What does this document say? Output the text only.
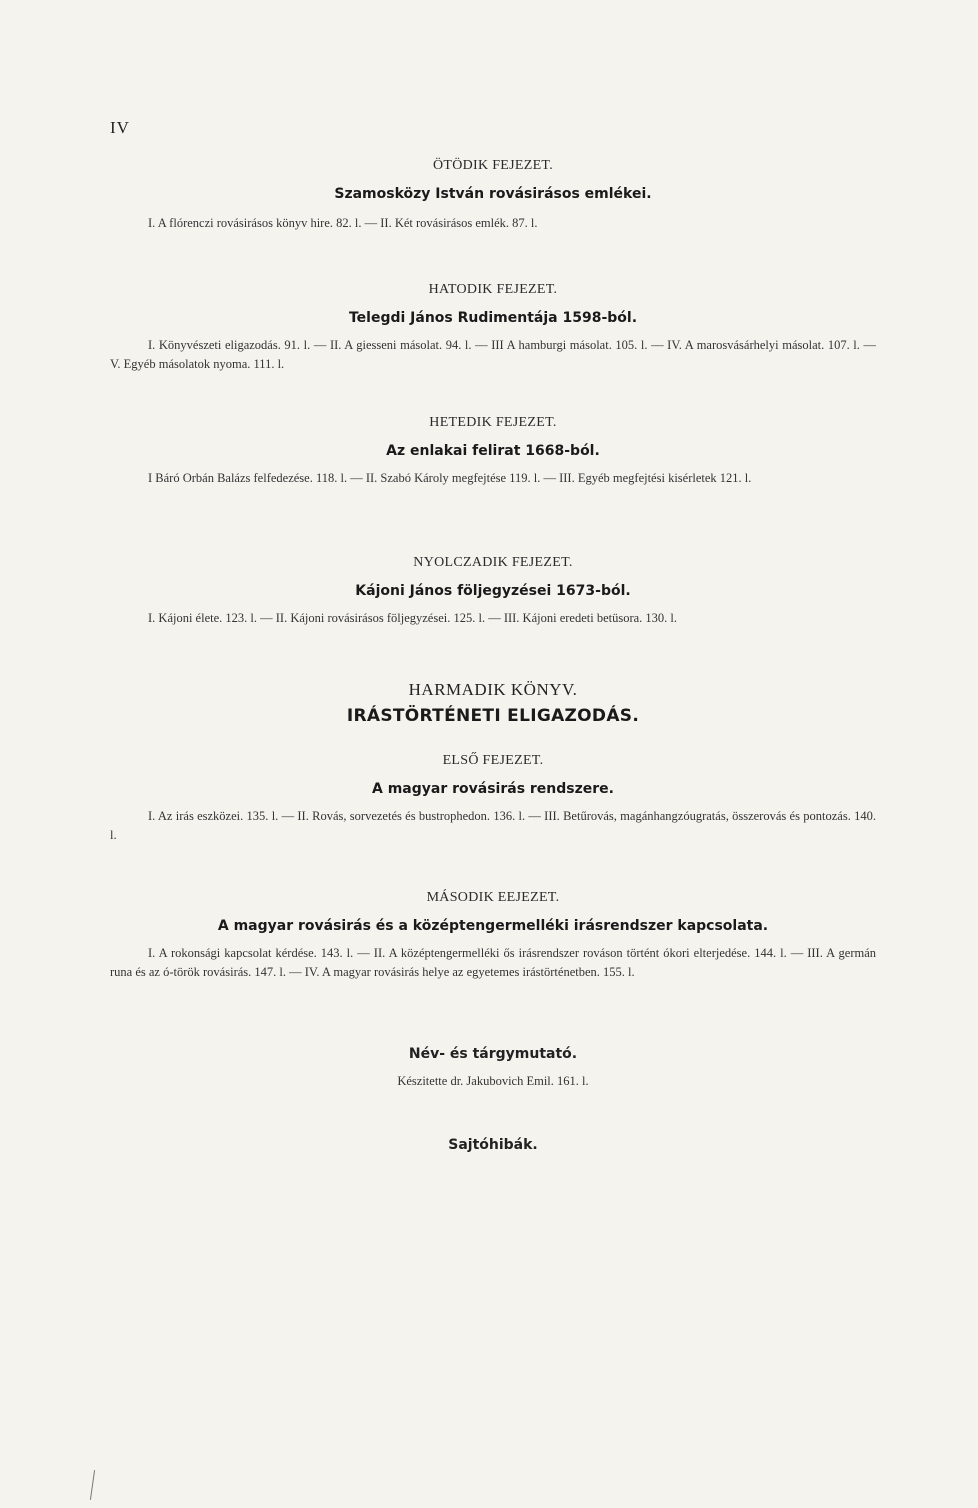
IV

ÖTÖDIK FEJEZET.

Szamosközy István rovásirásos emlékei.

I. A flórenczi rovásirásos könyv hire. 82. l. — II. Két rovásirásos emlék. 87. l.

HATODIK FEJEZET.

Telegdi János Rudimentája 1598-ból.

I. Könyvészeti eligazodás. 91. l. — II. A giesseni másolat. 94. l. — III A hamburgi másolat. 105. l. — IV. A marosvásárhelyi másolat. 107. l. — V. Egyéb másolatok nyoma. 111. l.

HETEDIK FEJEZET.

Az enlakai felirat 1668-ból.

I Báró Orbán Balázs felfedezése. 118. l. — II. Szabó Károly megfejtése 119. l. — III. Egyéb megfejtési kisérletek 121. l.

NYOLCZADIK FEJEZET.

Kájoni János följegyzései 1673-ból.

I. Kájoni élete. 123. l. — II. Kájoni rovásirásos följegyzései. 125. l. — III. Kájoni eredeti betüsora. 130. l.

HARMADIK KÖNYV.

IRÁSTÖRTÉNETI ELIGAZODÁS.

ELSŐ FEJEZET.

A magyar rovásirás rendszere.

I. Az irás eszközei. 135. l. — II. Rovás, sorvezetés és bustrophedon. 136. l. — III. Betűrovás, magánhangzóugratás, összerovás és pontozás. 140. l.

MÁSODIK EEJEZET.

A magyar rovásirás és a középtengermelléki irásrendszer kapcsolata.

I. A rokonsági kapcsolat kérdése. 143. l. — II. A középtengermelléki ős irásrendszer rováson történt ókori elterjedése. 144. l. — III. A germán runa és az ó-török rovásirás. 147. l. — IV. A magyar rovásirás helye az egyetemes irástörténetben. 155. l.

Név- és tárgymutató.

Készitette dr. Jakubovich Emil. 161. l.

Sajtóhibák.
